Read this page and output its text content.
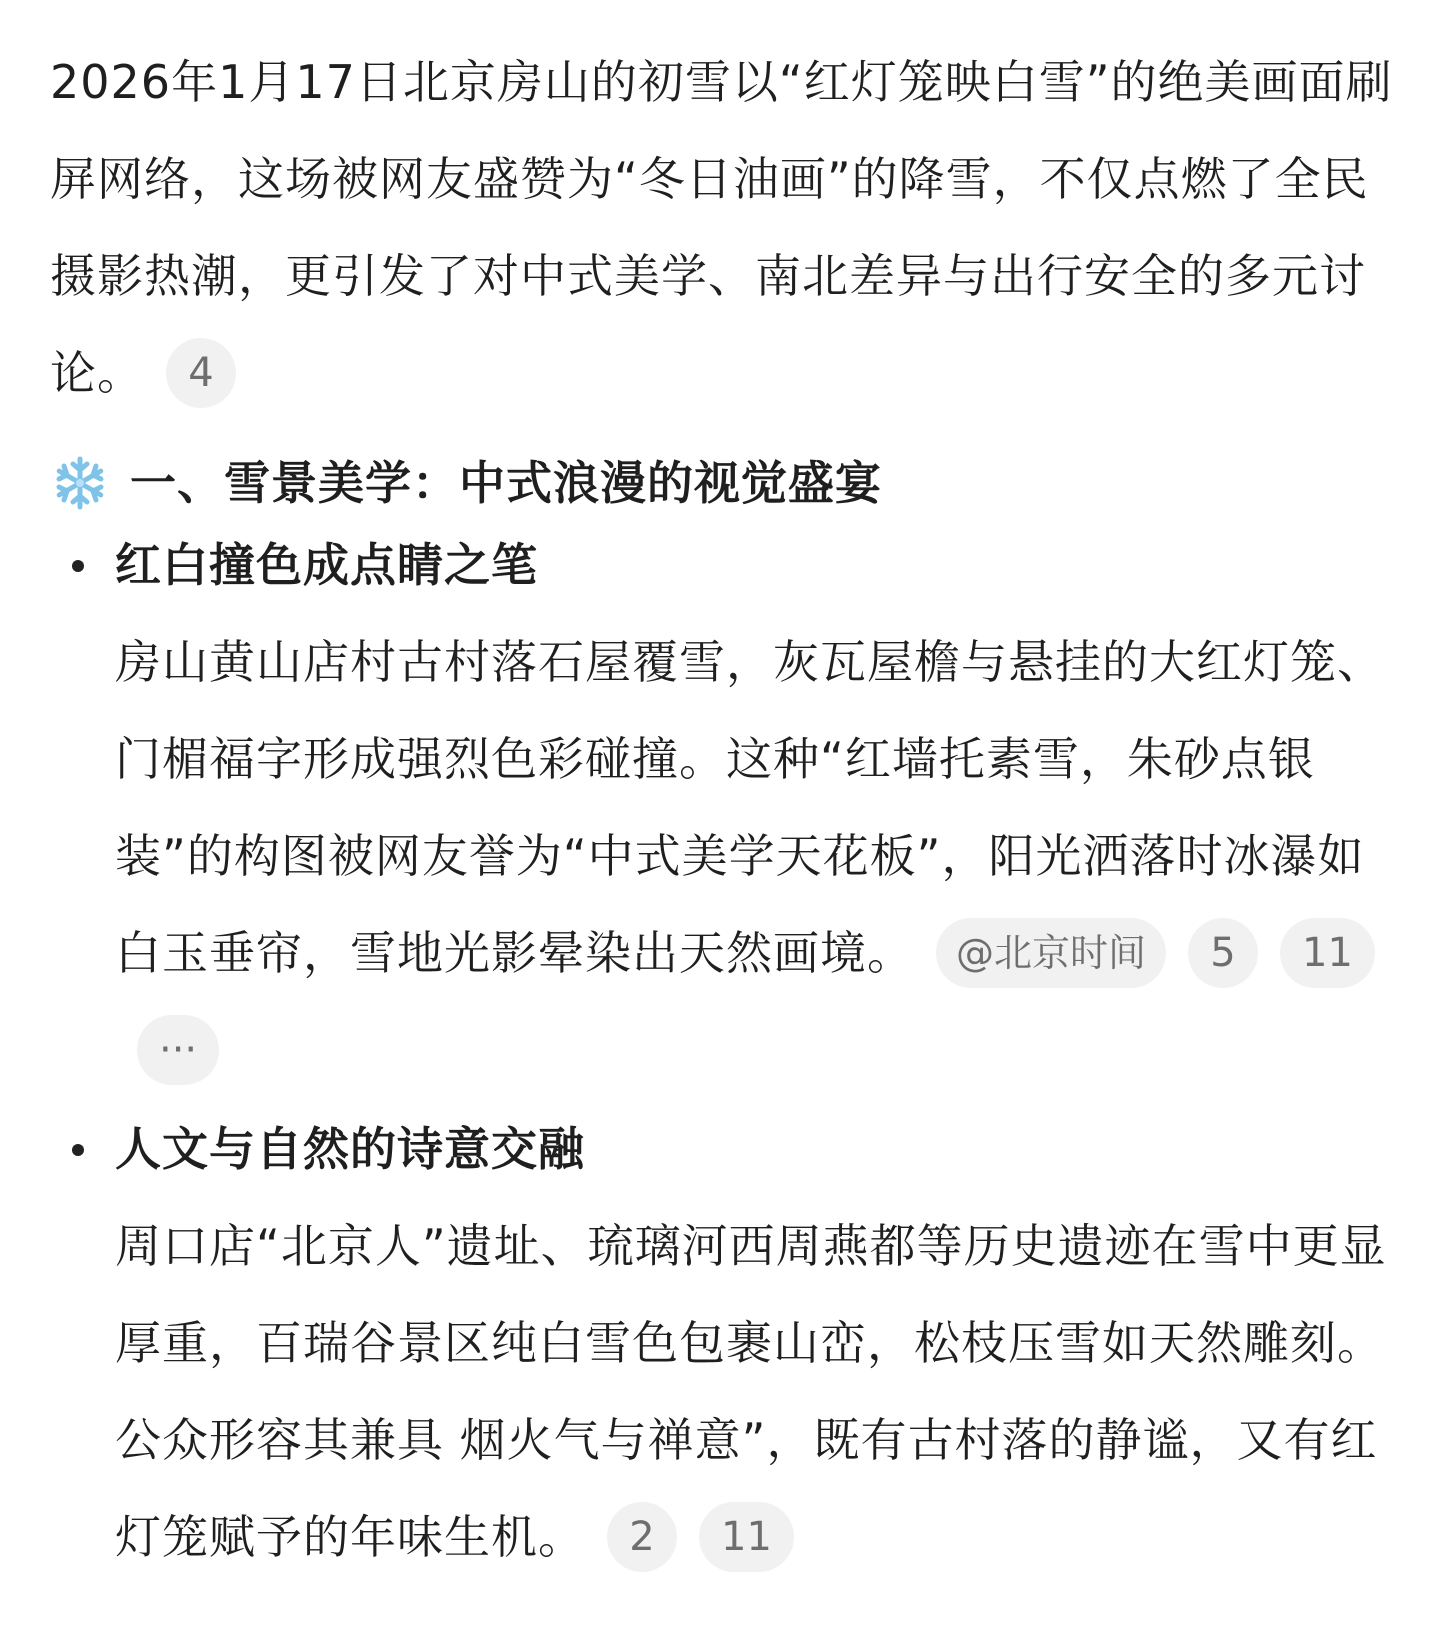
2026年1月17日北京房山的初雪以“红灯笼映白雪”的绝美画面刷屏网络，这场被网友盛赞为“冬日油画”的降雪，不仅点燃了全民摄影热潮，更引发了对中式美学、南北差异与出行安全的多元讨论。 4

一、雪景美学：中式浪漫的视觉盛宴
红白撞色成点睛之笔

房山黄山店村古村落石屋覆雪，灰瓦屋檐与悬挂的大红灯笼、门楣福字形成强烈色彩碰撞。这种“红墙托素雪，朱砂点银装”的构图被网友誉为“中式美学天花板”，阳光洒落时冰瀑如白玉垂帘，雪地光影晕染出天然画境。 @北京时间 5 11···

人文与自然的诗意交融

周口店“北京人”遗址、琉璃河西周燕都等历史遗迹在雪中更显厚重，百瑞谷景区纯白雪色包裹山峦，松枝压雪如天然雕刻。公众形容其兼具 烟火气与禅意”，既有古村落的静谧，又有红灯笼赋予的年味生机。 2 11
